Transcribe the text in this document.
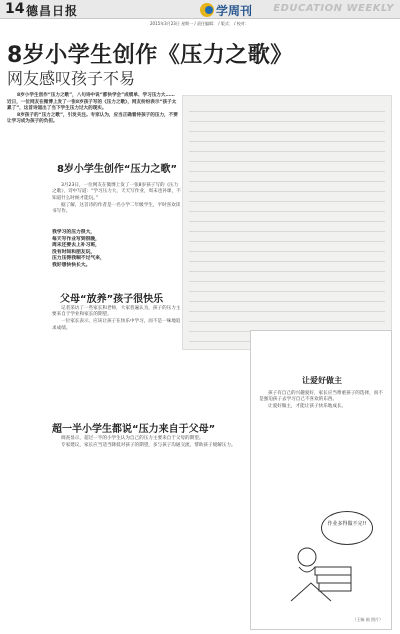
14 德昌日报	学周刊 EDUCATION WEEKLY
2015年3月23日 星期一 / 责任编辑： / 版式： / 校对：
8岁小学生创作《压力之歌》
网友感叹孩子不易

8岁小学生创作“压力之歌”，八句诗中说“都快学会”成绩单、学习压力大……近日，一位网友在微博上发了一张8岁孩子写的《压力之歌》，网友纷纷表示“孩子太累了”，这首诗道出了当下学生压力过大的现实。

8岁孩子的“压力之歌”，引发关注。专家认为，应当正确看待孩子的压力，不要让学习成为孩子的负担。

8岁小学生创作“压力之歌”

3月23日，一位网友在微博上发了一张8岁孩子写的《压力之歌》，诗中写道：“学习压力大，天天写作业，周末也补课，不知道什么时候才能玩。”

据了解，这首诗的作者是一名小学二年级学生，平时喜欢读书写作。

我学习的压力很大，
每天写作业写到很晚，
周末还要去上补习班，
没有时间和朋友玩，
压力压得我喘不过气来，
我好想快快长大。
父母“放养”孩子很快乐

记者采访了一些家长和老师，大家普遍认为，孩子的压力主要来自于学业和家长的期望。

一位家长表示，应该让孩子在快乐中学习，而不是一味地追求成绩。

超一半小学生都说“压力来自于父母”

调查显示，超过一半的小学生认为自己的压力主要来自于父母的期望。

专家建议，家长应当适当降低对孩子的期望，多与孩子沟通交流，帮助孩子缓解压力。

让爱好做主

孩子有自己的兴趣爱好，家长应当尊重孩子的选择，而不是强迫孩子去学习自己不喜欢的东西。

让爱好做主，才能让孩子快乐地成长。

作业多得做不完!!
（王畅 画 图片）
